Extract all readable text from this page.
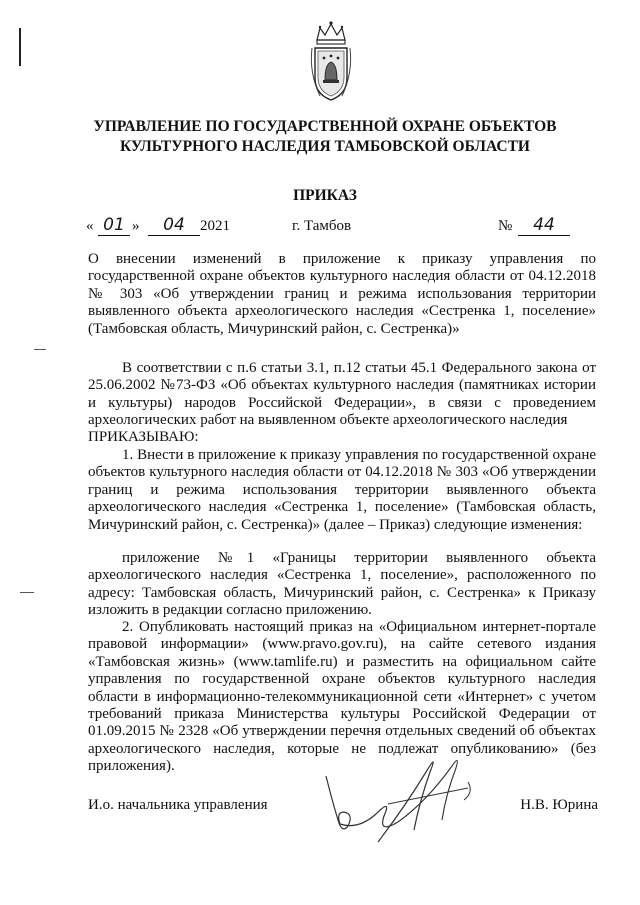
УПРАВЛЕНИЕ ПО ГОСУДАРСТВЕННОЙ ОХРАНЕ ОБЪЕКТОВ
КУЛЬТУРНОГО НАСЛЕДИЯ ТАМБОВСКОЙ ОБЛАСТИ
ПРИКАЗ
« 01 »	04	2021	г. Тамбов	№	44

О внесении изменений в приложение к приказу управления по государственной охране объектов культурного наследия области от 04.12.2018 № 303 «Об утверждении границ и режима использования территории выявленного объекта археологического наследия «Сестренка 1, поселение» (Тамбовская область, Мичуринский район, с. Сестренка)»

В соответствии с п.6 статьи 3.1, п.12 статьи 45.1 Федерального закона от 25.06.2002 №73-ФЗ «Об объектах культурного наследия (памятниках истории и культуры) народов Российской Федерации», в связи с проведением археологических работ на выявленном объекте археологического наследия

ПРИКАЗЫВАЮ:

1. Внести в приложение к приказу управления по государственной охране объектов культурного наследия области от 04.12.2018 № 303 «Об утверждении границ и режима использования территории выявленного объекта археологического наследия «Сестренка 1, поселение» (Тамбовская область, Мичуринский район, с. Сестренка)» (далее – Приказ) следующие изменения:

приложение №1 «Границы территории выявленного объекта археологического наследия «Сестренка 1, поселение», расположенного по адресу: Тамбовская область, Мичуринский район, с. Сестренка» к Приказу изложить в редакции согласно приложению.

2. Опубликовать настоящий приказ на «Официальном интернет-портале правовой информации» (www.pravo.gov.ru), на сайте сетевого издания «Тамбовская жизнь» (www.tamlife.ru) и разместить на официальном сайте управления по государственной охране объектов культурного наследия области в информационно-телекоммуникационной сети «Интернет» с учетом требований приказа Министерства культуры Российской Федерации от 01.09.2015 № 2328 «Об утверждении перечня отдельных сведений об объектах археологического наследия, которые не подлежат опубликованию» (без приложения).

И.о. начальника управления	Н.В. Юрина
